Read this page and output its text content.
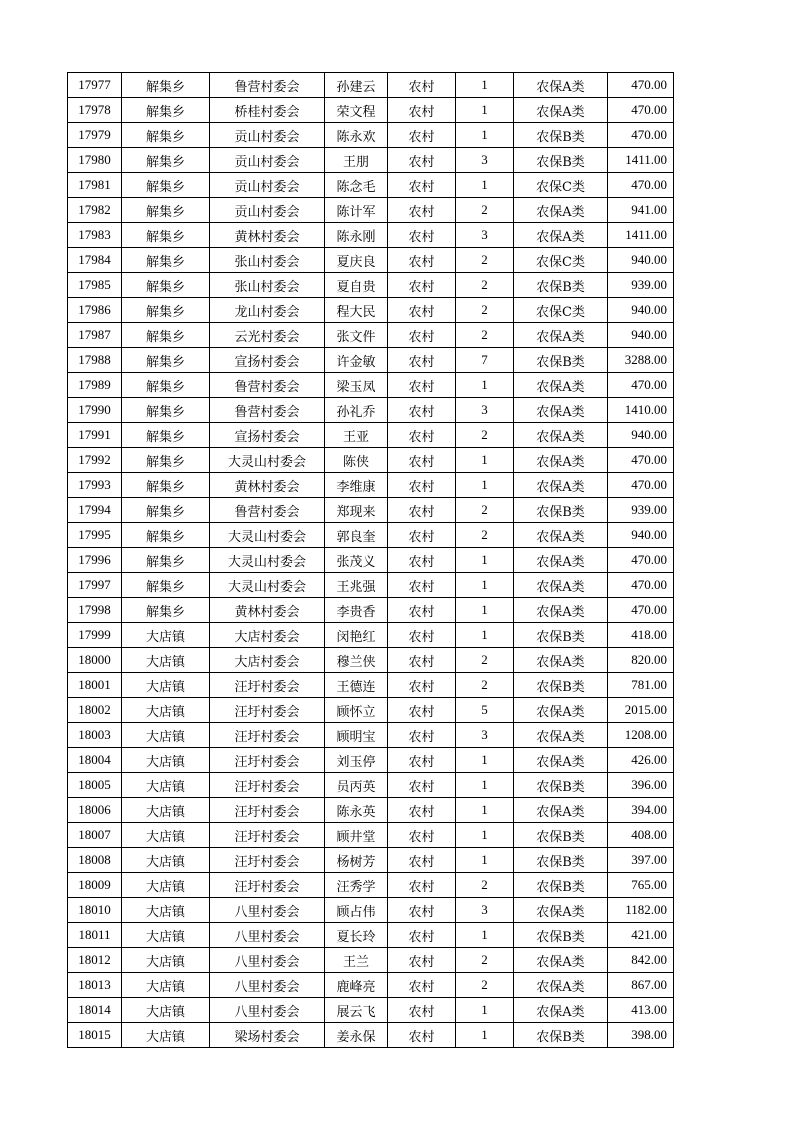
17977	解集乡	鲁营村委会	孙建云	农村	1	农保A类	470.00
17978	解集乡	桥桂村委会	荣文程	农村	1	农保A类	470.00
17979	解集乡	贡山村委会	陈永欢	农村	1	农保B类	470.00
17980	解集乡	贡山村委会	王朋	农村	3	农保B类	1411.00
17981	解集乡	贡山村委会	陈念毛	农村	1	农保C类	470.00
17982	解集乡	贡山村委会	陈计军	农村	2	农保A类	941.00
17983	解集乡	黄林村委会	陈永刚	农村	3	农保A类	1411.00
17984	解集乡	张山村委会	夏庆良	农村	2	农保C类	940.00
17985	解集乡	张山村委会	夏自贵	农村	2	农保B类	939.00
17986	解集乡	龙山村委会	程大民	农村	2	农保C类	940.00
17987	解集乡	云光村委会	张文件	农村	2	农保A类	940.00
17988	解集乡	宣扬村委会	许金敏	农村	7	农保B类	3288.00
17989	解集乡	鲁营村委会	梁玉凤	农村	1	农保A类	470.00
17990	解集乡	鲁营村委会	孙礼乔	农村	3	农保A类	1410.00
17991	解集乡	宣扬村委会	王亚	农村	2	农保A类	940.00
17992	解集乡	大灵山村委会	陈侠	农村	1	农保A类	470.00
17993	解集乡	黄林村委会	李维康	农村	1	农保A类	470.00
17994	解集乡	鲁营村委会	郑现来	农村	2	农保B类	939.00
17995	解集乡	大灵山村委会	郭良奎	农村	2	农保A类	940.00
17996	解集乡	大灵山村委会	张茂义	农村	1	农保A类	470.00
17997	解集乡	大灵山村委会	王兆强	农村	1	农保A类	470.00
17998	解集乡	黄林村委会	李贵香	农村	1	农保A类	470.00
17999	大店镇	大店村委会	闵艳红	农村	1	农保B类	418.00
18000	大店镇	大店村委会	穆兰侠	农村	2	农保A类	820.00
18001	大店镇	汪圩村委会	王德连	农村	2	农保B类	781.00
18002	大店镇	汪圩村委会	顾怀立	农村	5	农保A类	2015.00
18003	大店镇	汪圩村委会	顾明宝	农村	3	农保A类	1208.00
18004	大店镇	汪圩村委会	刘玉停	农村	1	农保A类	426.00
18005	大店镇	汪圩村委会	员丙英	农村	1	农保B类	396.00
18006	大店镇	汪圩村委会	陈永英	农村	1	农保A类	394.00
18007	大店镇	汪圩村委会	顾井堂	农村	1	农保B类	408.00
18008	大店镇	汪圩村委会	杨树芳	农村	1	农保B类	397.00
18009	大店镇	汪圩村委会	汪秀学	农村	2	农保B类	765.00
18010	大店镇	八里村委会	顾占伟	农村	3	农保A类	1182.00
18011	大店镇	八里村委会	夏长玲	农村	1	农保B类	421.00
18012	大店镇	八里村委会	王兰	农村	2	农保A类	842.00
18013	大店镇	八里村委会	鹿峰亮	农村	2	农保A类	867.00
18014	大店镇	八里村委会	展云飞	农村	1	农保A类	413.00
18015	大店镇	梁场村委会	姜永保	农村	1	农保B类	398.00
